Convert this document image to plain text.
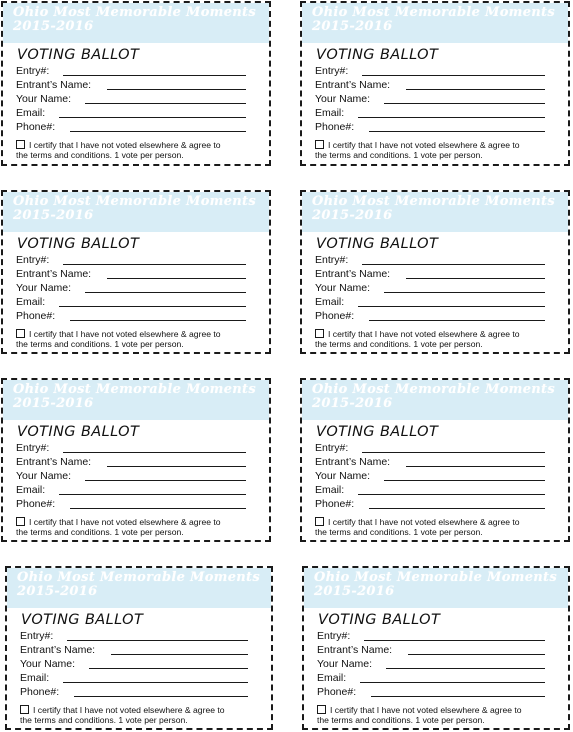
Ohio Most Memorable Moments
2015-2016
VOTING BALLOT
Entry#:
Entrant’s Name:
Your Name:
Email:
Phone#:
I certify that I have not voted elsewhere & agree to
the terms and conditions. 1 vote per person.
Ohio Most Memorable Moments
2015-2016
VOTING BALLOT
Entry#:
Entrant’s Name:
Your Name:
Email:
Phone#:
I certify that I have not voted elsewhere & agree to
the terms and conditions. 1 vote per person.
Ohio Most Memorable Moments
2015-2016
VOTING BALLOT
Entry#:
Entrant’s Name:
Your Name:
Email:
Phone#:
I certify that I have not voted elsewhere & agree to
the terms and conditions. 1 vote per person.
Ohio Most Memorable Moments
2015-2016
VOTING BALLOT
Entry#:
Entrant’s Name:
Your Name:
Email:
Phone#:
I certify that I have not voted elsewhere & agree to
the terms and conditions. 1 vote per person.
Ohio Most Memorable Moments
2015-2016
VOTING BALLOT
Entry#:
Entrant’s Name:
Your Name:
Email:
Phone#:
I certify that I have not voted elsewhere & agree to
the terms and conditions. 1 vote per person.
Ohio Most Memorable Moments
2015-2016
VOTING BALLOT
Entry#:
Entrant’s Name:
Your Name:
Email:
Phone#:
I certify that I have not voted elsewhere & agree to
the terms and conditions. 1 vote per person.
Ohio Most Memorable Moments
2015-2016
VOTING BALLOT
Entry#:
Entrant’s Name:
Your Name:
Email:
Phone#:
I certify that I have not voted elsewhere & agree to
the terms and conditions. 1 vote per person.
Ohio Most Memorable Moments
2015-2016
VOTING BALLOT
Entry#:
Entrant’s Name:
Your Name:
Email:
Phone#:
I certify that I have not voted elsewhere & agree to
the terms and conditions. 1 vote per person.
